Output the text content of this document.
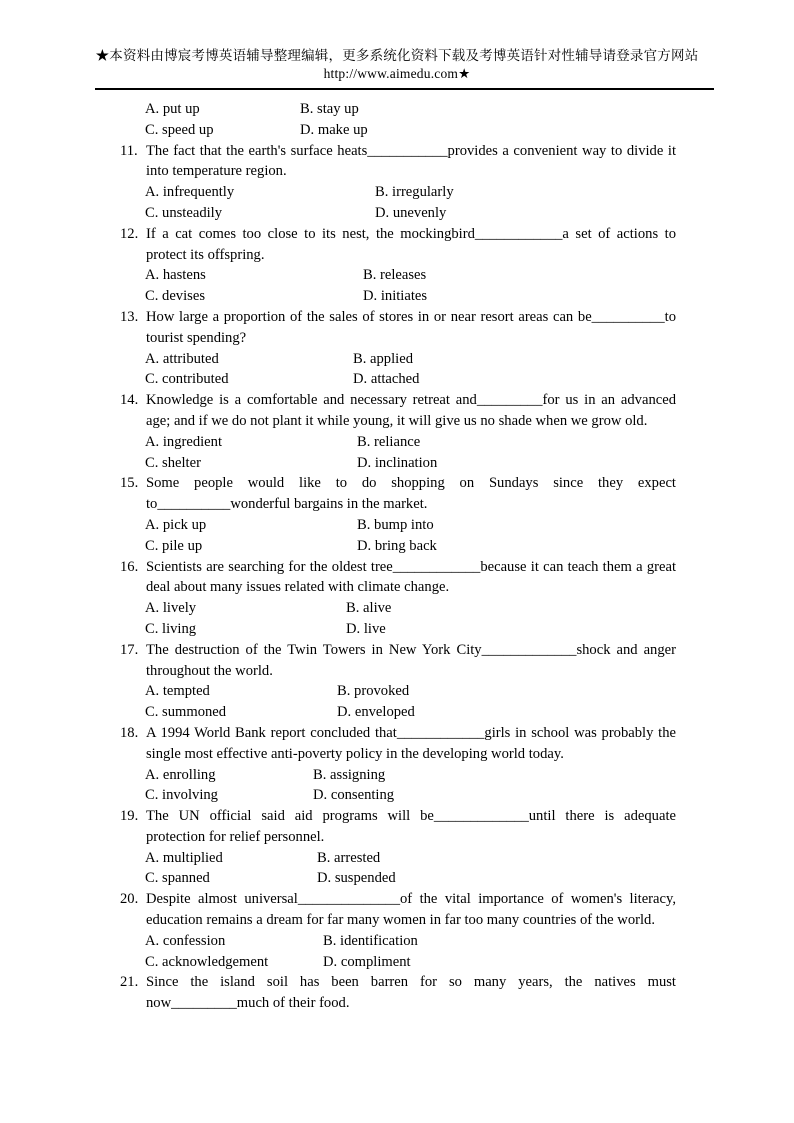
★本资料由博宸考博英语辅导整理编辑，更多系统化资料下载及考博英语针对性辅导请登录官方网站
http://www.aimedu.com★
A. put up	B. stay up
C. speed up	D. make up

11. The fact that the earth's surface heats___________provides a convenient way to divide it into temperature region.

A. infrequently	B. irregularly
C. unsteadily	D. unevenly

12. If a cat comes too close to its nest, the mockingbird____________a set of actions to protect its offspring.

A. hastens	B. releases
C. devises	D. initiates

13. How large a proportion of the sales of stores in or near resort areas can be__________to tourist spending?

A. attributed	B. applied
C. contributed	D. attached

14. Knowledge is a comfortable and necessary retreat and_________for us in an advanced age; and if we do not plant it while young, it will give us no shade when we grow old.

A. ingredient	B. reliance
C. shelter	D. inclination

15. Some people would like to do shopping on Sundays since they expect to__________wonderful bargains in the market.

A. pick up	B. bump into
C. pile up	D. bring back

16. Scientists are searching for the oldest tree____________because it can teach them a great deal about many issues related with climate change.

A. lively	B. alive
C. living	D. live

17. The destruction of the Twin Towers in New York City_____________shock and anger throughout the world.

A. tempted	B. provoked
C. summoned	D. enveloped

18. A 1994 World Bank report concluded that____________girls in school was probably the single most effective anti-poverty policy in the developing world today.

A. enrolling	B. assigning
C. involving	D. consenting

19. The UN official said aid programs will be_____________until there is adequate protection for relief personnel.

A. multiplied	B. arrested
C. spanned	D. suspended

20. Despite almost universal______________of the vital importance of women's literacy, education remains a dream for far many women in far too many countries of the world.

A. confession	B. identification
C. acknowledgement	D. compliment

21. Since the island soil has been barren for so many years, the natives must now_________much of their food.
